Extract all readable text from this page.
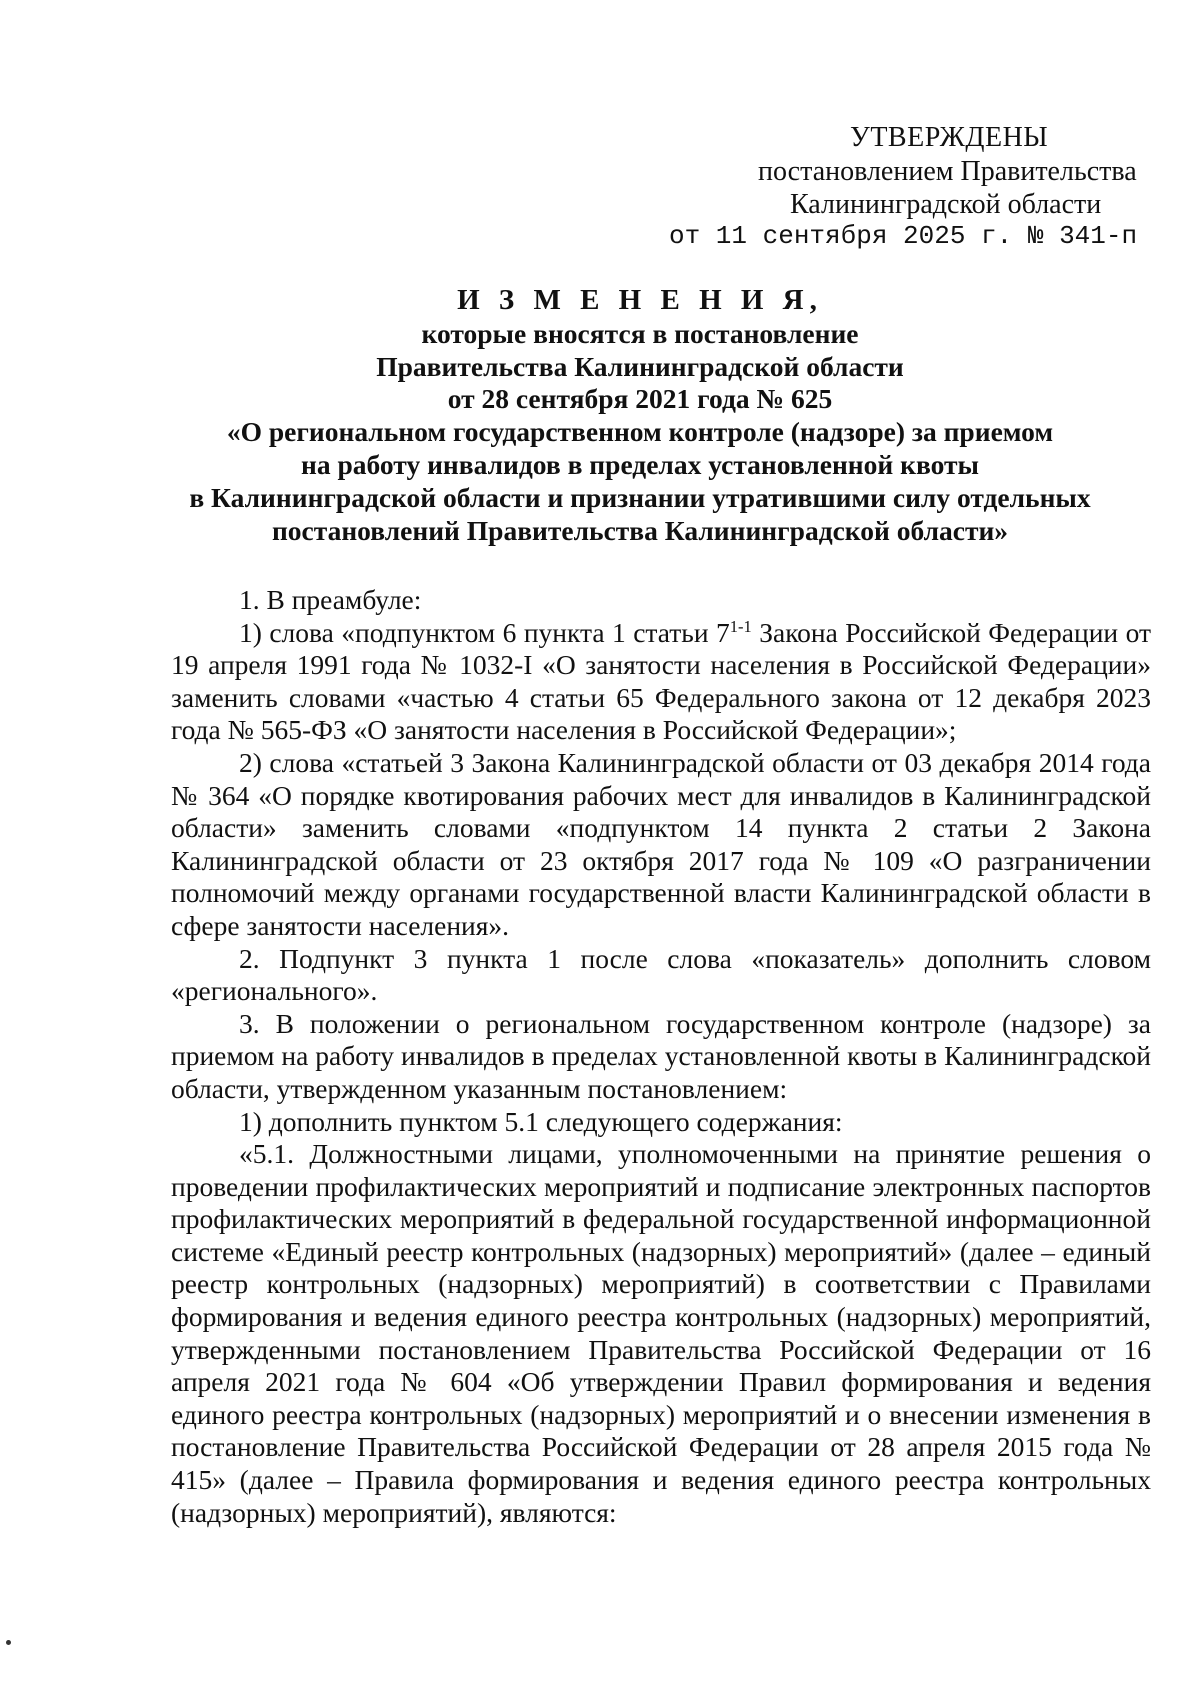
УТВЕРЖДЕНЫ
постановлением Правительства
Калининградской области
от 11 сентября 2025 г. № 341-п
И З М Е Н Е Н И Я,
которые вносятся в постановление
Правительства Калининградской области
от 28 сентября 2021 года № 625
«О региональном государственном контроле (надзоре) за приемом
на работу инвалидов в пределах установленной квоты
в Калининградской области и признании утратившими силу отдельных
постановлений Правительства Калининградской области»

1. В преамбуле:

1) слова «подпунктом 6 пункта 1 статьи 7$^{1-1}$ Закона Российской Федерации от 19 апреля 1991 года № 1032-I «О занятости населения в Российской Федерации» заменить словами «частью 4 статьи 65 Федерального закона от 12 декабря 2023 года № 565-ФЗ «О занятости населения в Российской Федерации»;

2) слова «статьей 3 Закона Калининградской области от 03 декабря 2014 года № 364 «О порядке квотирования рабочих мест для инвалидов в Калининградской области» заменить словами «подпунктом 14 пункта 2 статьи 2 Закона Калининградской области от 23 октября 2017 года № 109 «О разграничении полномочий между органами государственной власти Калининградской области в сфере занятости населения».

2. Подпункт 3 пункта 1 после слова «показатель» дополнить словом «регионального».

3. В положении о региональном государственном контроле (надзоре) за приемом на работу инвалидов в пределах установленной квоты в Калининградской области, утвержденном указанным постановлением:

1) дополнить пунктом 5.1 следующего содержания:

«5.1. Должностными лицами, уполномоченными на принятие решения о проведении профилактических мероприятий и подписание электронных паспортов профилактических мероприятий в федеральной государственной информационной системе «Единый реестр контрольных (надзорных) мероприятий» (далее – единый реестр контрольных (надзорных) мероприятий) в соответствии с Правилами формирования и ведения единого реестра контрольных (надзорных) мероприятий, утвержденными постановлением Правительства Российской Федерации от 16 апреля 2021 года № 604 «Об утверждении Правил формирования и ведения единого реестра контрольных (надзорных) мероприятий и о внесении изменения в постановление Правительства Российской Федерации от 28 апреля 2015 года № 415» (далее – Правила формирования и ведения единого реестра контрольных (надзорных) мероприятий), являются:
